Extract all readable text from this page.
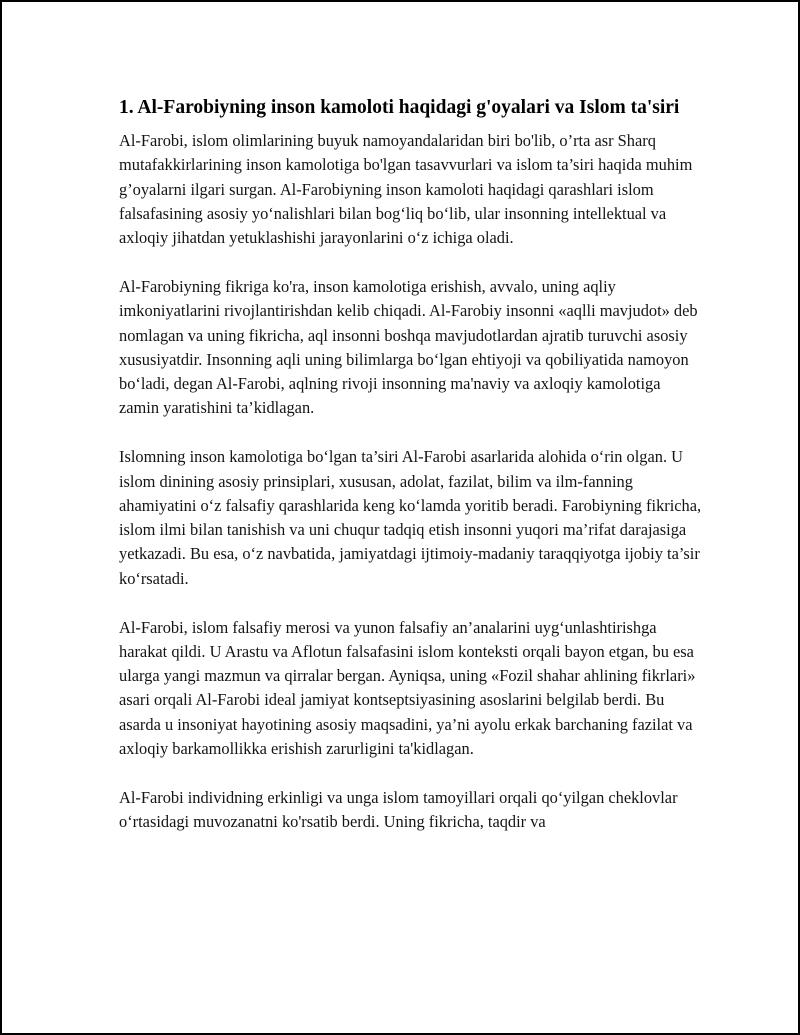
1. Al-Farobiyning inson kamoloti haqidagi g'oyalari va Islom ta'siri

Al-Farobi, islom olimlarining buyuk namoyandalaridan biri bo'lib, o’rta asr Sharq mutafakkirlarining inson kamolotiga bo'lgan tasavvurlari va islom ta’siri haqida muhim g’oyalarni ilgari surgan. Al-Farobiyning inson kamoloti haqidagi qarashlari islom falsafasining asosiy yo‘nalishlari bilan bog‘liq bo‘lib, ular insonning intellektual va axloqiy jihatdan yetuklashishi jarayonlarini o‘z ichiga oladi.

Al-Farobiyning fikriga ko'ra, inson kamolotiga erishish, avvalo, uning aqliy imkoniyatlarini rivojlantirishdan kelib chiqadi. Al-Farobiy insonni «aqlli mavjudot» deb nomlagan va uning fikricha, aql insonni boshqa mavjudotlardan ajratib turuvchi asosiy xususiyatdir. Insonning aqli uning bilimlarga bo‘lgan ehtiyoji va qobiliyatida namoyon bo‘ladi, degan Al-Farobi, aqlning rivoji insonning ma'naviy va axloqiy kamolotiga zamin yaratishini ta’kidlagan.

Islomning inson kamolotiga bo‘lgan ta’siri Al-Farobi asarlarida alohida o‘rin olgan. U islom dinining asosiy prinsiplari, xususan, adolat, fazilat, bilim va ilm-fanning ahamiyatini o‘z falsafiy qarashlarida keng ko‘lamda yoritib beradi. Farobiyning fikricha, islom ilmi bilan tanishish va uni chuqur tadqiq etish insonni yuqori ma’rifat darajasiga yetkazadi. Bu esa, o‘z navbatida, jamiyatdagi ijtimoiy-madaniy taraqqiyotga ijobiy ta’sir ko‘rsatadi.

Al-Farobi, islom falsafiy merosi va yunon falsafiy an’analarini uyg‘unlashtirishga harakat qildi. U Arastu va Aflotun falsafasini islom konteksti orqali bayon etgan, bu esa ularga yangi mazmun va qirralar bergan. Ayniqsa, uning «Fozil shahar ahlining fikrlari» asari orqali Al-Farobi ideal jamiyat kontseptsiyasining asoslarini belgilab berdi. Bu asarda u insoniyat hayotining asosiy maqsadini, ya’ni ayolu erkak barchaning fazilat va axloqiy barkamollikka erishish zarurligini ta'kidlagan.

Al-Farobi individning erkinligi va unga islom tamoyillari orqali qo‘yilgan cheklovlar o‘rtasidagi muvozanatni ko'rsatib berdi. Uning fikricha, taqdir va
